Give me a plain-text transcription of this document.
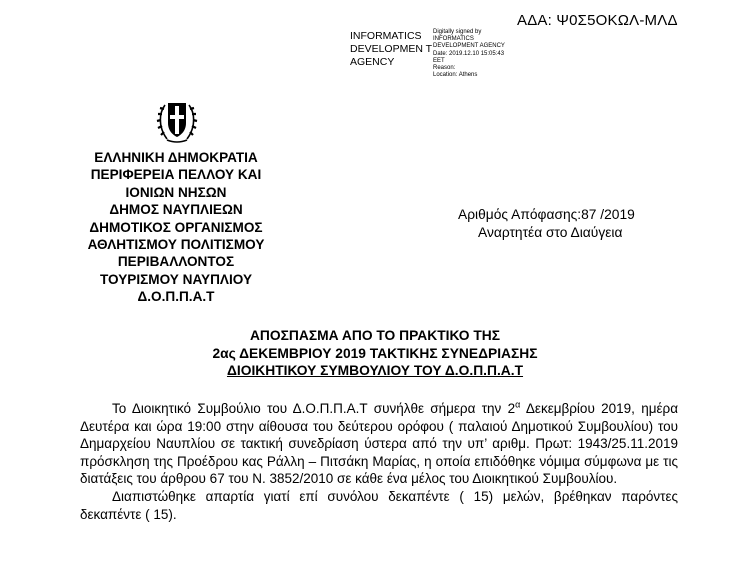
ΑΔΑ: Ψ0Σ5ΟΚΩΛ-ΜΛΔ
INFORMATICS DEVELOPMEN T AGENCY
Digitally signed by
INFORMATICS
DEVELOPMENT AGENCY
Date: 2019.12.10 15:05:43
EET
Reason:
Location: Athens
ΕΛΛΗΝΙΚΗ ΔΗΜΟΚΡΑΤΙΑ
ΠΕΡΙΦΕΡΕΙΑ ΠΕΛΛΟΥ ΚΑΙ
ΙΟΝΙΩΝ ΝΗΣΩΝ
ΔΗΜΟΣ ΝΑΥΠΛΙΕΩΝ
ΔΗΜΟΤΙΚΟΣ ΟΡΓΑΝΙΣΜΟΣ
ΑΘΛΗΤΙΣΜΟΥ ΠΟΛΙΤΙΣΜΟΥ
ΠΕΡΙΒΑΛΛΟΝΤΟΣ
ΤΟΥΡΙΣΜΟΥ ΝΑΥΠΛΙΟΥ
Δ.Ο.Π.Π.Α.Τ
Αριθμός Απόφασης:87 /2019
Αναρτητέα στο Διαύγεια
ΑΠΟΣΠΑΣΜΑ ΑΠΟ ΤΟ ΠΡΑΚΤΙΚΟ ΤΗΣ
2ας ΔΕΚΕΜΒΡΙΟΥ 2019 ΤΑΚΤΙΚΗΣ ΣΥΝΕΔΡΙΑΣΗΣ
ΔΙΟΙΚΗΤΙΚΟΥ ΣΥΜΒΟΥΛΙΟΥ ΤΟΥ Δ.Ο.Π.Π.Α.Τ

Το Διοικητικό Συμβούλιο του Δ.Ο.Π.Π.Α.Τ συνήλθε σήμερα την $2^\alpha$ Δεκεμβρίου 2019, ημέρα Δευτέρα και ώρα 19:00 στην αίθουσα του δεύτερου ορόφου ( παλαιού Δημοτικού Συμβουλίου) του Δημαρχείου Ναυπλίου σε τακτική συνεδρίαση ύστερα από την υπ’ αριθμ. Πρωτ: 1943/25.11.2019 πρόσκληση της Προέδρου κας Ράλλη – Πιτσάκη Μαρίας, η οποία επιδόθηκε νόμιμα σύμφωνα με τις διατάξεις του άρθρου 67 του Ν. 3852/2010 σε κάθε ένα μέλος του Διοικητικού Συμβουλίου.

Διαπιστώθηκε απαρτία γιατί επί συνόλου δεκαπέντε ( 15) μελών, βρέθηκαν παρόντες δεκαπέντε ( 15).
